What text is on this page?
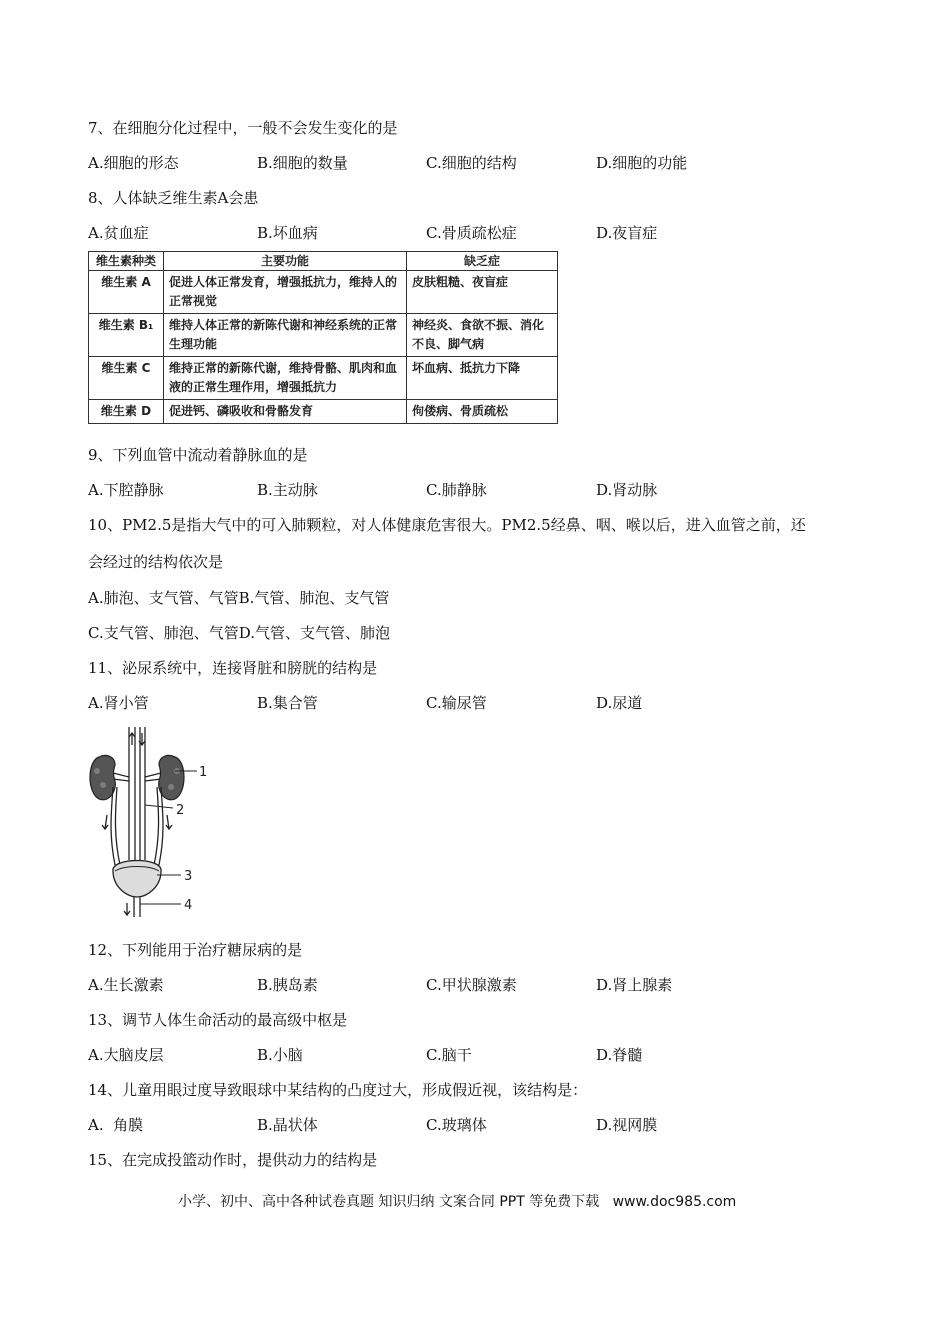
7、在细胞分化过程中，一般不会发生变化的是
A.细胞的形态	B.细胞的数量	C.细胞的结构	D.细胞的功能
8、人体缺乏维生素A会患
A.贫血症	B.坏血病	C.骨质疏松症	D.夜盲症
维生素种类	主要功能	缺乏症
维生素 A	促进人体正常发育，增强抵抗力，维持人的正常视觉	皮肤粗糙、夜盲症
维生素 B₁	维持人体正常的新陈代谢和神经系统的正常生理功能	神经炎、食欲不振、消化不良、脚气病
维生素 C	维持正常的新陈代谢，维持骨骼、肌肉和血液的正常生理作用，增强抵抗力	坏血病、抵抗力下降
维生素 D	促进钙、磷吸收和骨骼发育	佝偻病、骨质疏松
9、下列血管中流动着静脉血的是
A.下腔静脉	B.主动脉	C.肺静脉	D.肾动脉
10、PM2.5是指大气中的可入肺颗粒，对人体健康危害很大。PM2.5经鼻、咽、喉以后，进入血管之前，还
会经过的结构依次是
A.肺泡、支气管、气管B.气管、肺泡、支气管
C.支气管、肺泡、气管D.气管、支气管、肺泡
11、泌尿系统中，连接肾脏和膀胱的结构是
A.肾小管	B.集合管	C.输尿管	D.尿道
1
2
3
4
12、下列能用于治疗糖尿病的是
A.生长激素	B.胰岛素	C.甲状腺激素	D.肾上腺素
13、调节人体生命活动的最高级中枢是
A.大脑皮层	B.小脑	C.脑干	D.脊髓
14、儿童用眼过度导致眼球中某结构的凸度过大，形成假近视，该结构是：
A.  角膜	B.晶状体	C.玻璃体	D.视网膜
15、在完成投篮动作时，提供动力的结构是
小学、初中、高中各种试卷真题 知识归纳 文案合同 PPT 等免费下载   www.doc985.com
